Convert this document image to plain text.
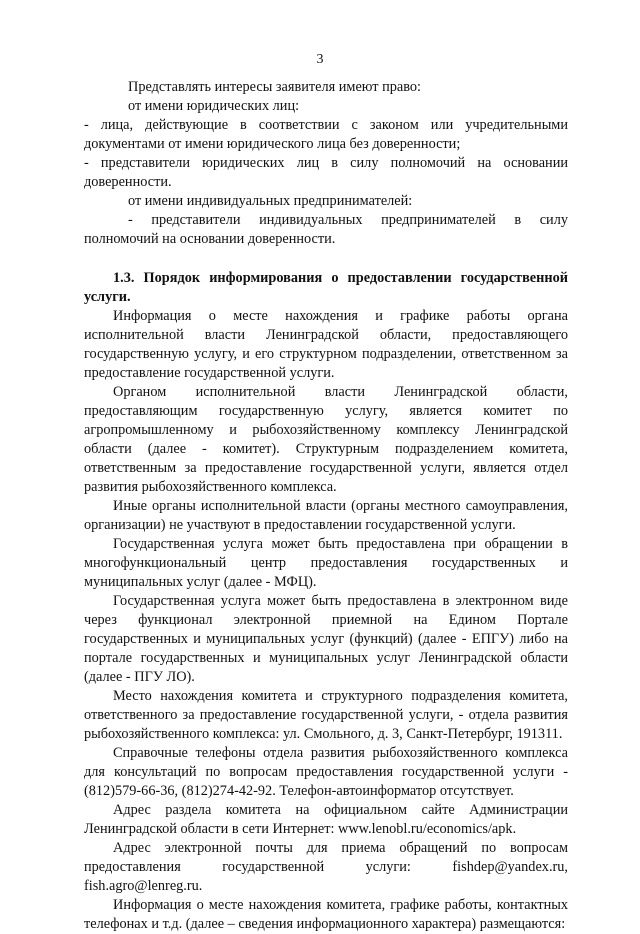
3

Представлять интересы заявителя имеют право:

от имени юридических лиц:

- лица, действующие в соответствии с законом или учредительными документами от имени юридического лица без доверенности;

- представители юридических лиц в силу полномочий на основании доверенности.

от имени индивидуальных предпринимателей:

- представители индивидуальных предпринимателей в силу полномочий на основании доверенности.

1.3. Порядок информирования о предоставлении государственной услуги.

Информация о месте нахождения и графике работы органа исполнительной власти Ленинградской области, предоставляющего государственную услугу, и его структурном подразделении, ответственном за предоставление государственной услуги.

Органом исполнительной власти Ленинградской области, предоставляющим государственную услугу, является комитет по агропромышленному и рыбохозяйственному комплексу Ленинградской области (далее - комитет). Структурным подразделением комитета, ответственным за предоставление государственной услуги, является отдел развития рыбохозяйственного комплекса.

Иные органы исполнительной власти (органы местного самоуправления, организации) не участвуют в предоставлении государственной услуги.

Государственная услуга может быть предоставлена при обращении в многофункциональный центр предоставления государственных и муниципальных услуг (далее - МФЦ).

Государственная услуга может быть предоставлена в электронном виде через функционал электронной приемной на Едином Портале государственных и муниципальных услуг (функций) (далее - ЕПГУ) либо на портале государственных и муниципальных услуг Ленинградской области (далее - ПГУ ЛО).

Место нахождения комитета и структурного подразделения комитета, ответственного за предоставление государственной услуги, - отдела развития рыбохозяйственного комплекса: ул. Смольного, д. 3, Санкт-Петербург, 191311.

Справочные телефоны отдела развития рыбохозяйственного комплекса для консультаций по вопросам предоставления государственной услуги - (812)579-66-36, (812)274-42-92. Телефон-автоинформатор отсутствует.

Адрес раздела комитета на официальном сайте Администрации Ленинградской области в сети Интернет: www.lenobl.ru/economics/apk.

Адрес электронной почты для приема обращений по вопросам предоставления государственной услуги: fishdep@yandex.ru, fish.agro@lenreg.ru.

Информация о месте нахождения комитета, графике работы, контактных телефонах и т.д. (далее – сведения информационного характера) размещаются:
